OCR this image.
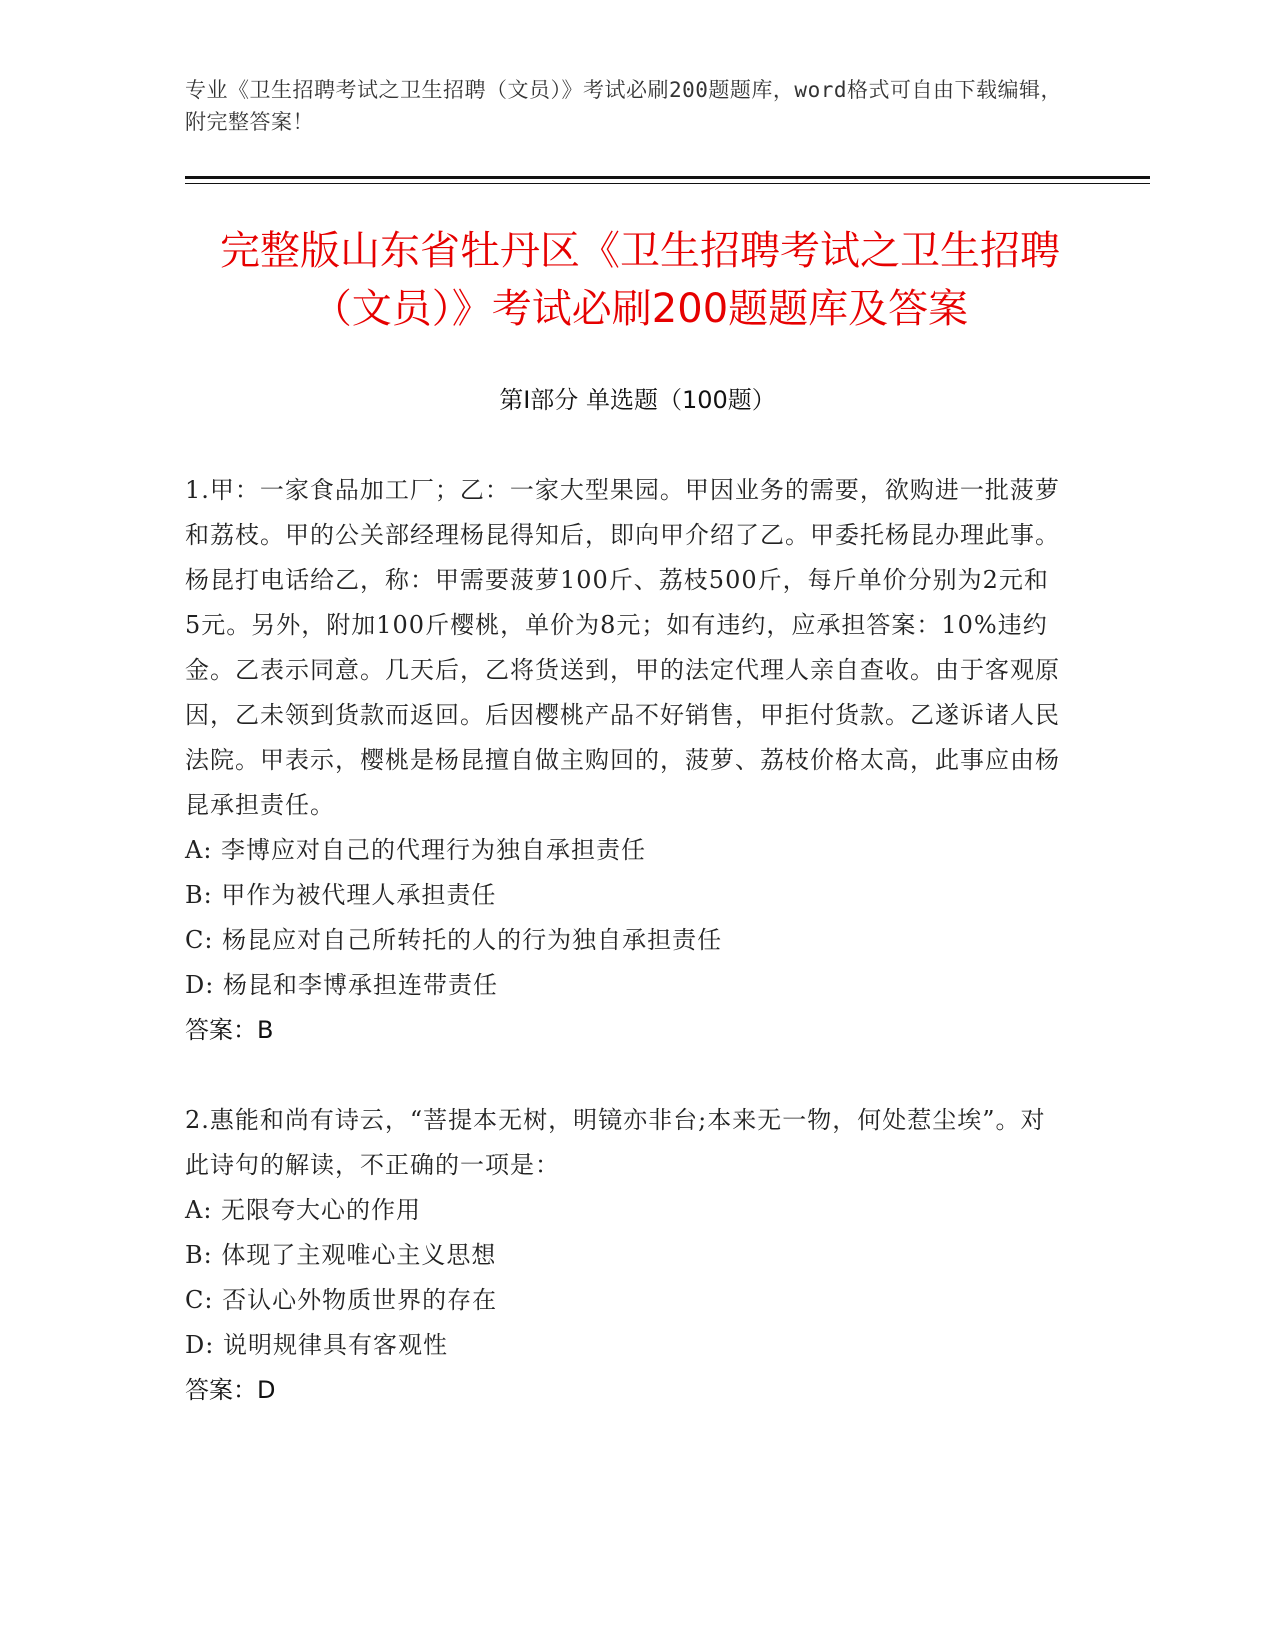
专业《卫生招聘考试之卫生招聘（文员）》考试必刷200题题库，word格式可自由下载编辑，附完整答案！
完整版山东省牡丹区《卫生招聘考试之卫生招聘（文员）》考试必刷200题题库及答案
第Ⅰ部分 单选题（100题）

1.甲：一家食品加工厂；乙：一家大型果园。甲因业务的需要，欲购进一批菠萝和荔枝。甲的公关部经理杨昆得知后，即向甲介绍了乙。甲委托杨昆办理此事。杨昆打电话给乙，称：甲需要菠萝100斤、荔枝500斤，每斤单价分别为2元和5元。另外，附加100斤樱桃，单价为8元；如有违约，应承担答案：10%违约金。乙表示同意。几天后，乙将货送到，甲的法定代理人亲自查收。由于客观原因，乙未领到货款而返回。后因樱桃产品不好销售，甲拒付货款。乙遂诉诸人民法院。甲表示，樱桃是杨昆擅自做主购回的，菠萝、荔枝价格太高，此事应由杨昆承担责任。

A: 李博应对自己的代理行为独自承担责任

B: 甲作为被代理人承担责任

C: 杨昆应对自己所转托的人的行为独自承担责任

D: 杨昆和李博承担连带责任

答案：B

2.惠能和尚有诗云，“菩提本无树，明镜亦非台;本来无一物，何处惹尘埃”。对此诗句的解读，不正确的一项是：

A: 无限夸大心的作用

B: 体现了主观唯心主义思想

C: 否认心外物质世界的存在

D: 说明规律具有客观性

答案：D
